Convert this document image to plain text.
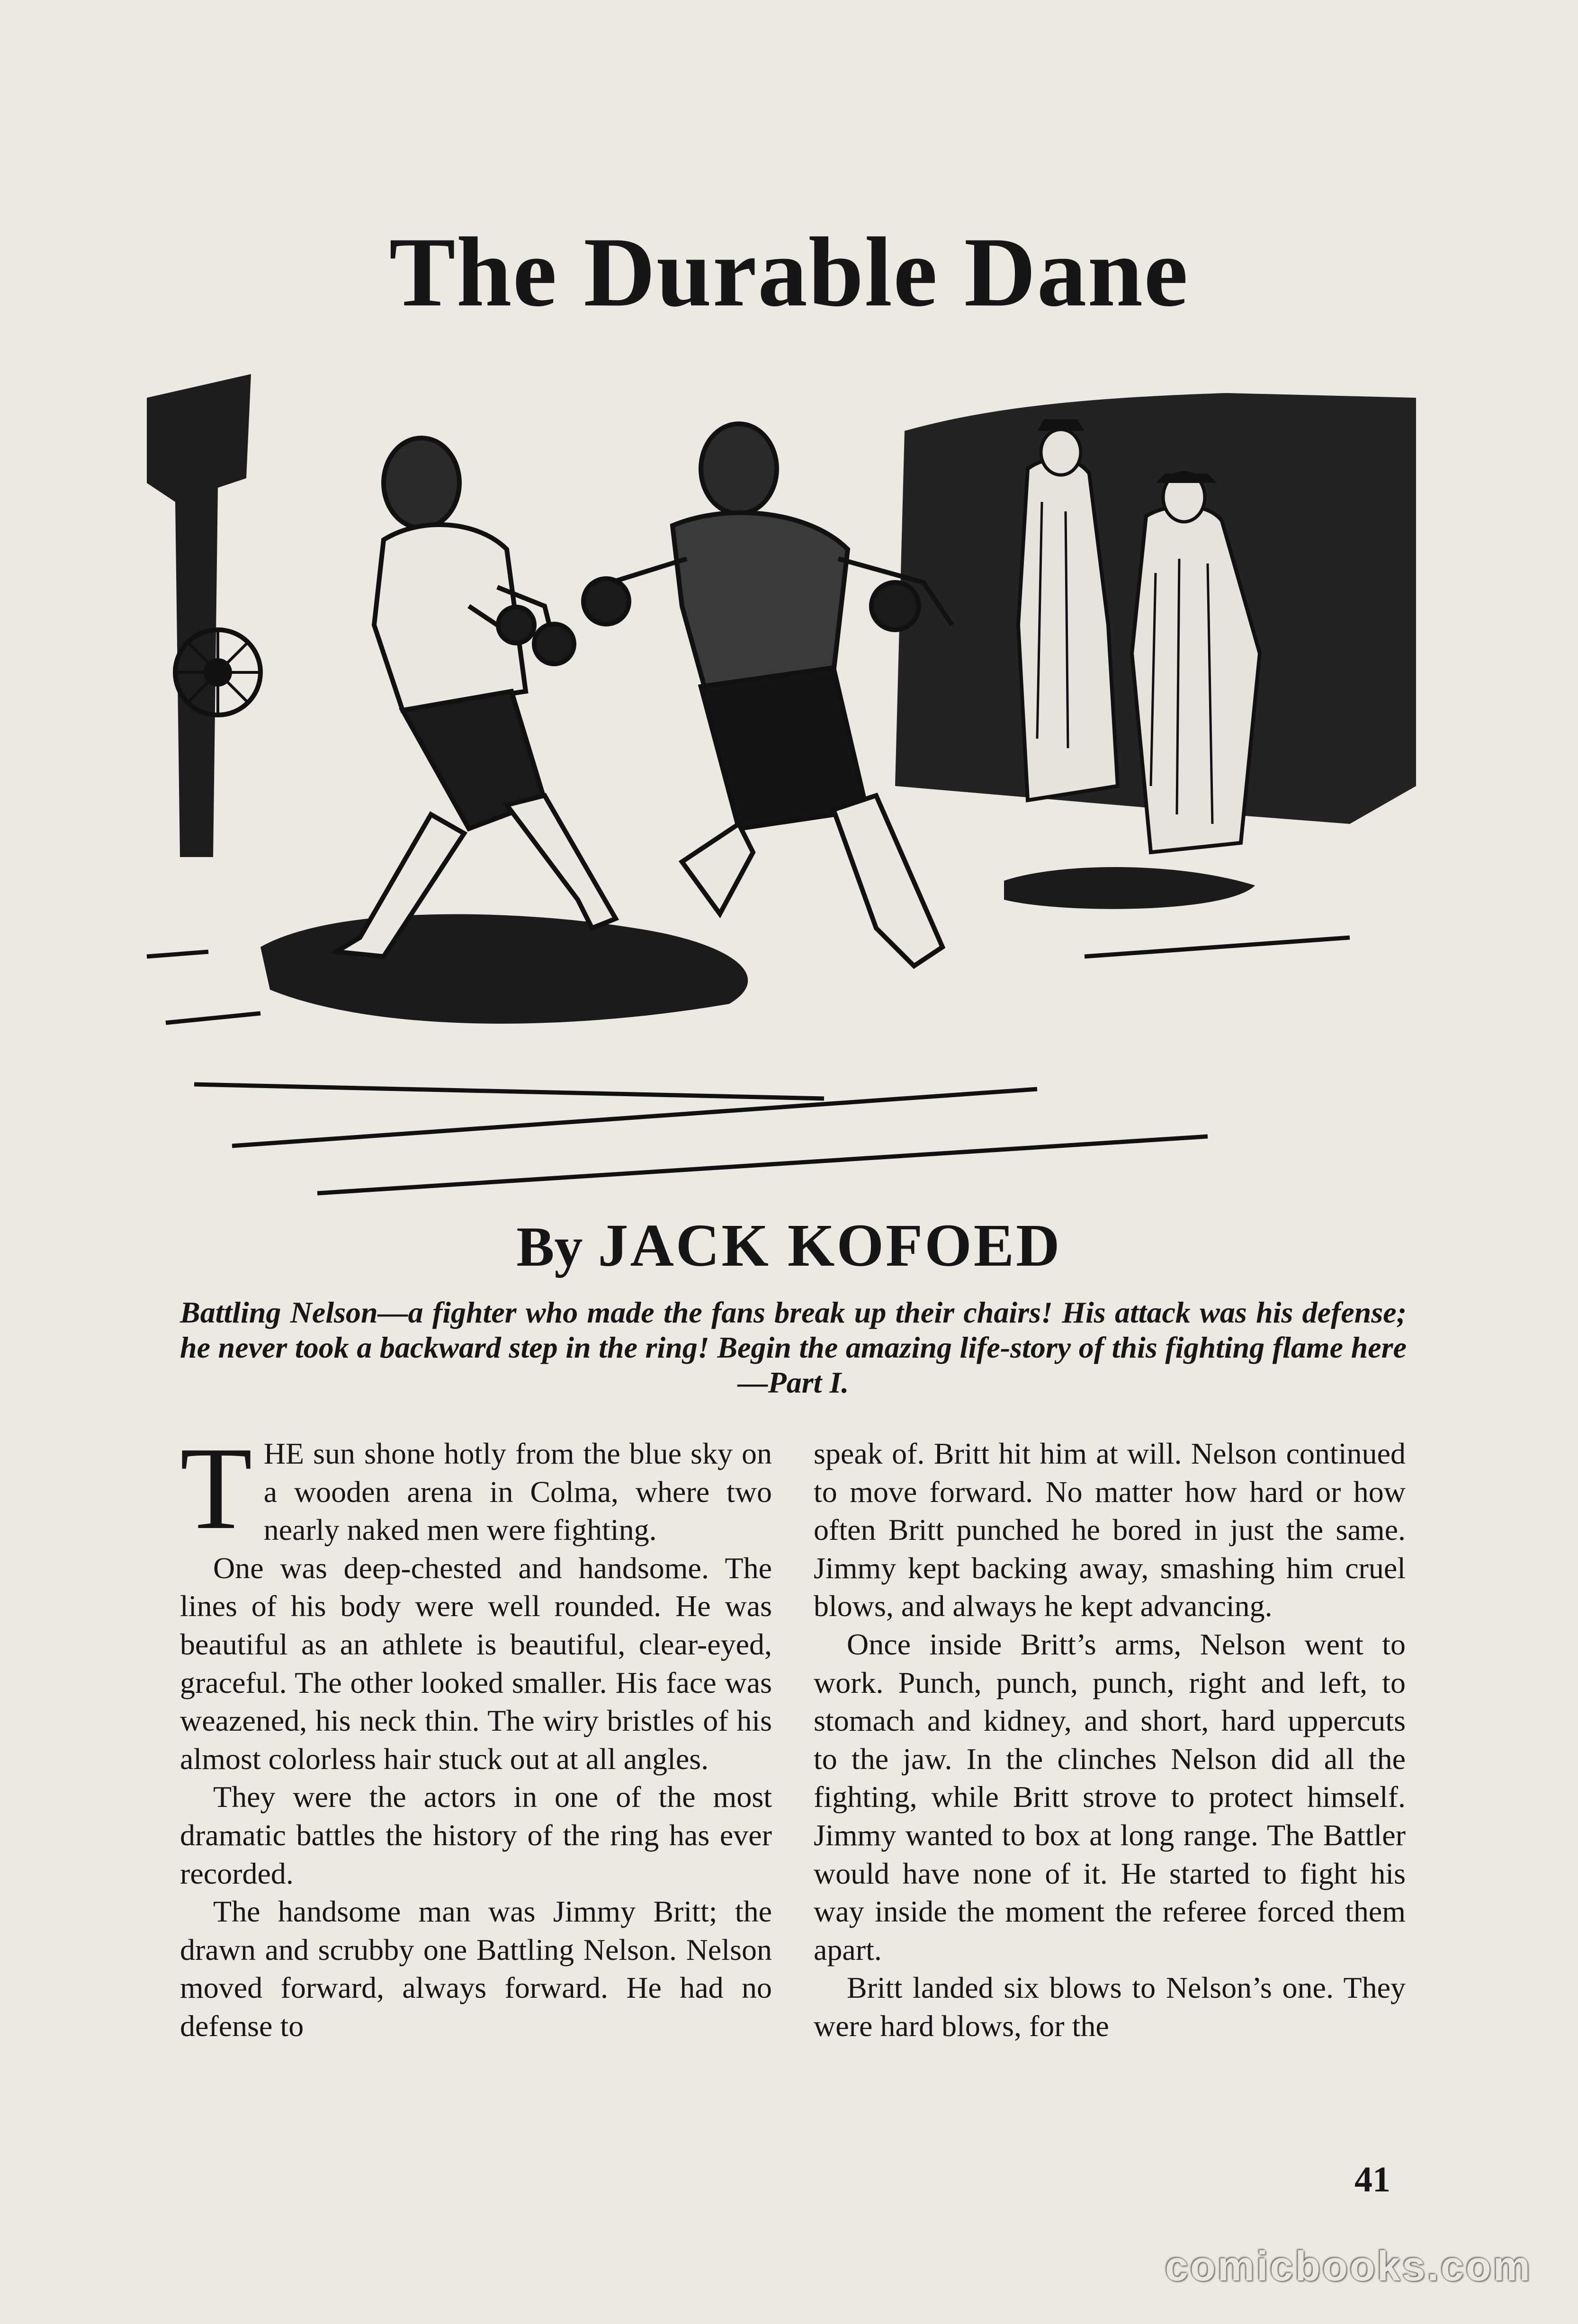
The Durable Dane
By JACK KOFOED
Battling Nelson—a fighter who made the fans break up their chairs! His attack was his defense; he never took a backward step in the ring! Begin the amazing life-story of this fighting flame here—Part I.

THE sun shone hotly from the blue sky on a wooden arena in Colma, where two nearly naked men were fighting.

One was deep-chested and handsome. The lines of his body were well rounded. He was beautiful as an athlete is beautiful, clear-eyed, graceful. The other looked smaller. His face was weazened, his neck thin. The wiry bristles of his almost colorless hair stuck out at all angles.

They were the actors in one of the most dramatic battles the history of the ring has ever recorded.

The handsome man was Jimmy Britt; the drawn and scrubby one Battling Nelson. Nelson moved forward, always forward. He had no defense to

speak of. Britt hit him at will. Nelson continued to move forward. No matter how hard or how often Britt punched he bored in just the same. Jimmy kept backing away, smashing him cruel blows, and always he kept advancing.

Once inside Britt’s arms, Nelson went to work. Punch, punch, punch, right and left, to stomach and kidney, and short, hard uppercuts to the jaw. In the clinches Nelson did all the fighting, while Britt strove to protect himself. Jimmy wanted to box at long range. The Battler would have none of it. He started to fight his way inside the moment the referee forced them apart.

Britt landed six blows to Nelson’s one. They were hard blows, for the

41
comicbooks.com
